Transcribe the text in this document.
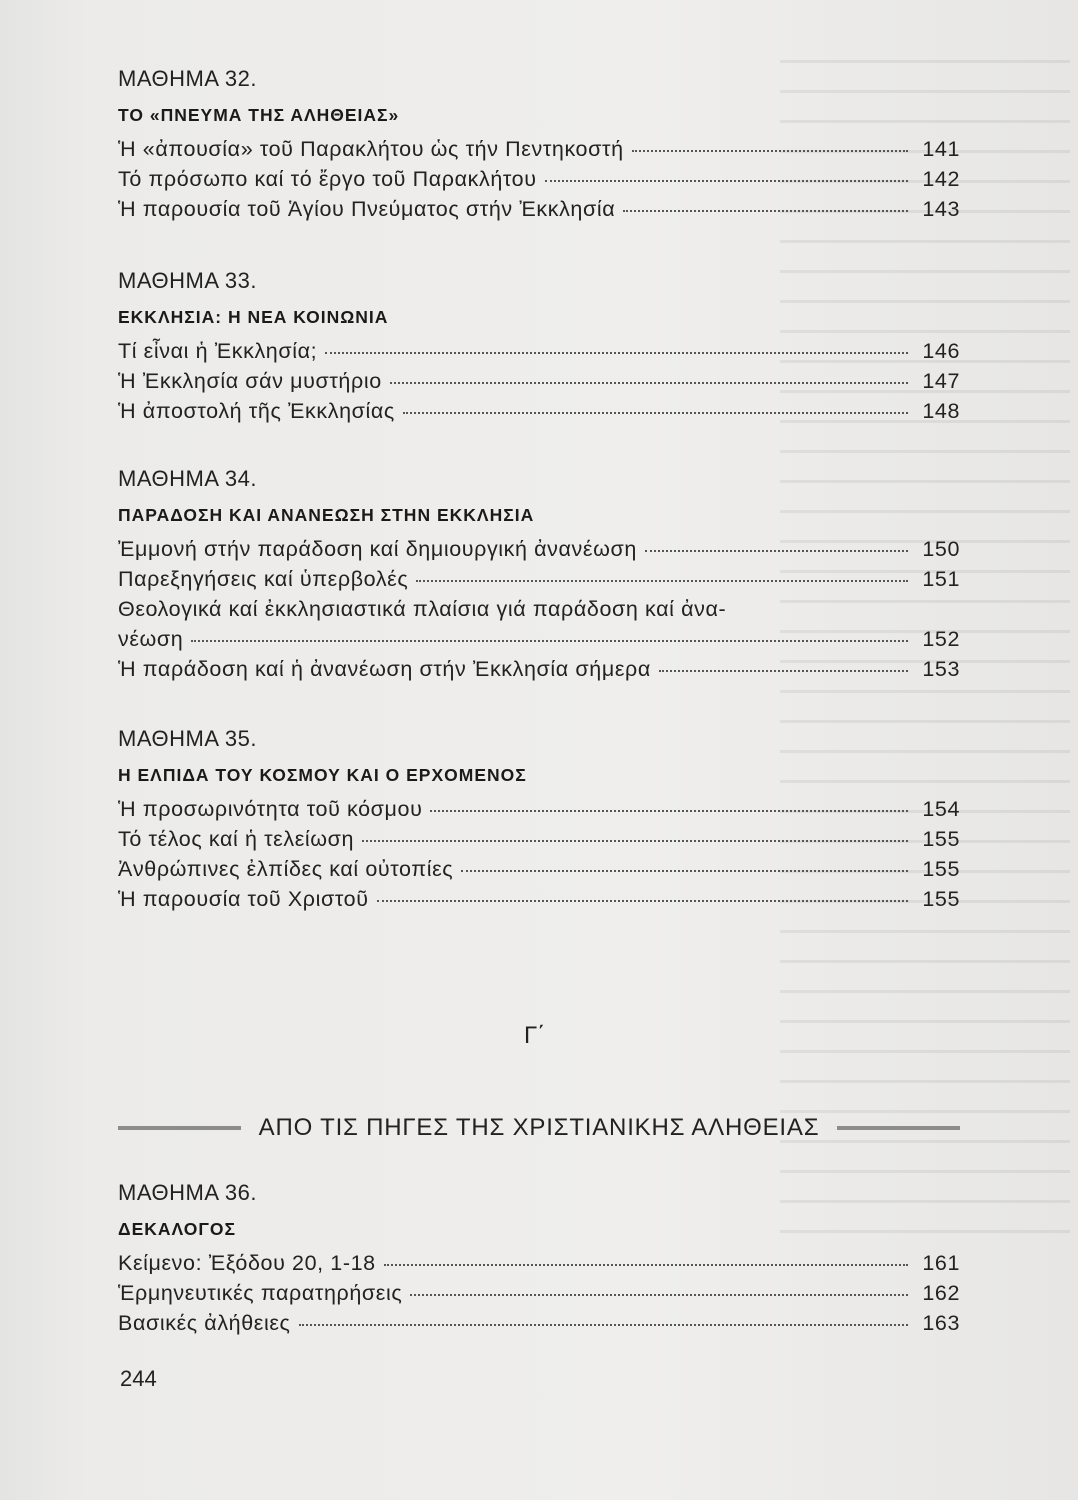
ΜΑΘΗΜΑ 32.
ΤΟ «ΠΝΕΥΜΑ ΤΗΣ ΑΛΗΘΕΙΑΣ»
Ἡ «ἀπουσία» τοῦ Παρακλήτου ὡς τήν Πεντηκοστή	141
Τό πρόσωπο καί τό ἔργο τοῦ Παρακλήτου	142
Ἡ παρουσία τοῦ Ἁγίου Πνεύματος στήν Ἐκκλησία	143
ΜΑΘΗΜΑ 33.
ΕΚΚΛΗΣΙΑ: Η ΝΕΑ ΚΟΙΝΩΝΙΑ
Τί εἶναι ἡ Ἐκκλησία;	146
Ἡ Ἐκκλησία σάν μυστήριο	147
Ἡ ἀποστολή τῆς Ἐκκλησίας	148
ΜΑΘΗΜΑ 34.
ΠΑΡΑΔΟΣΗ ΚΑΙ ΑΝΑΝΕΩΣΗ ΣΤΗΝ ΕΚΚΛΗΣΙΑ
Ἐμμονή στήν παράδοση καί δημιουργική ἀνανέωση	150
Παρεξηγήσεις καί ὑπερβολές	151
Θεολογικά καί ἐκκλησιαστικά πλαίσια γιά παράδοση καί ἀνα-
νέωση	152
Ἡ παράδοση καί ἡ ἀνανέωση στήν Ἐκκλησία σήμερα	153
ΜΑΘΗΜΑ 35.
Η ΕΛΠΙΔΑ ΤΟΥ ΚΟΣΜΟΥ ΚΑΙ Ο ΕΡΧΟΜΕΝΟΣ
Ἡ προσωρινότητα τοῦ κόσμου	154
Τό τέλος καί ἡ τελείωση	155
Ἀνθρώπινες ἐλπίδες καί οὐτοπίες	155
Ἡ παρουσία τοῦ Χριστοῦ	155
Γ΄
ΑΠΟ ΤΙΣ ΠΗΓΕΣ ΤΗΣ ΧΡΙΣΤΙΑΝΙΚΗΣ ΑΛΗΘΕΙΑΣ
ΜΑΘΗΜΑ 36.
ΔΕΚΑΛΟΓΟΣ
Κείμενο: Ἐξόδου 20, 1-18	161
Ἑρμηνευτικές παρατηρήσεις	162
Βασικές ἀλήθειες	163
244
